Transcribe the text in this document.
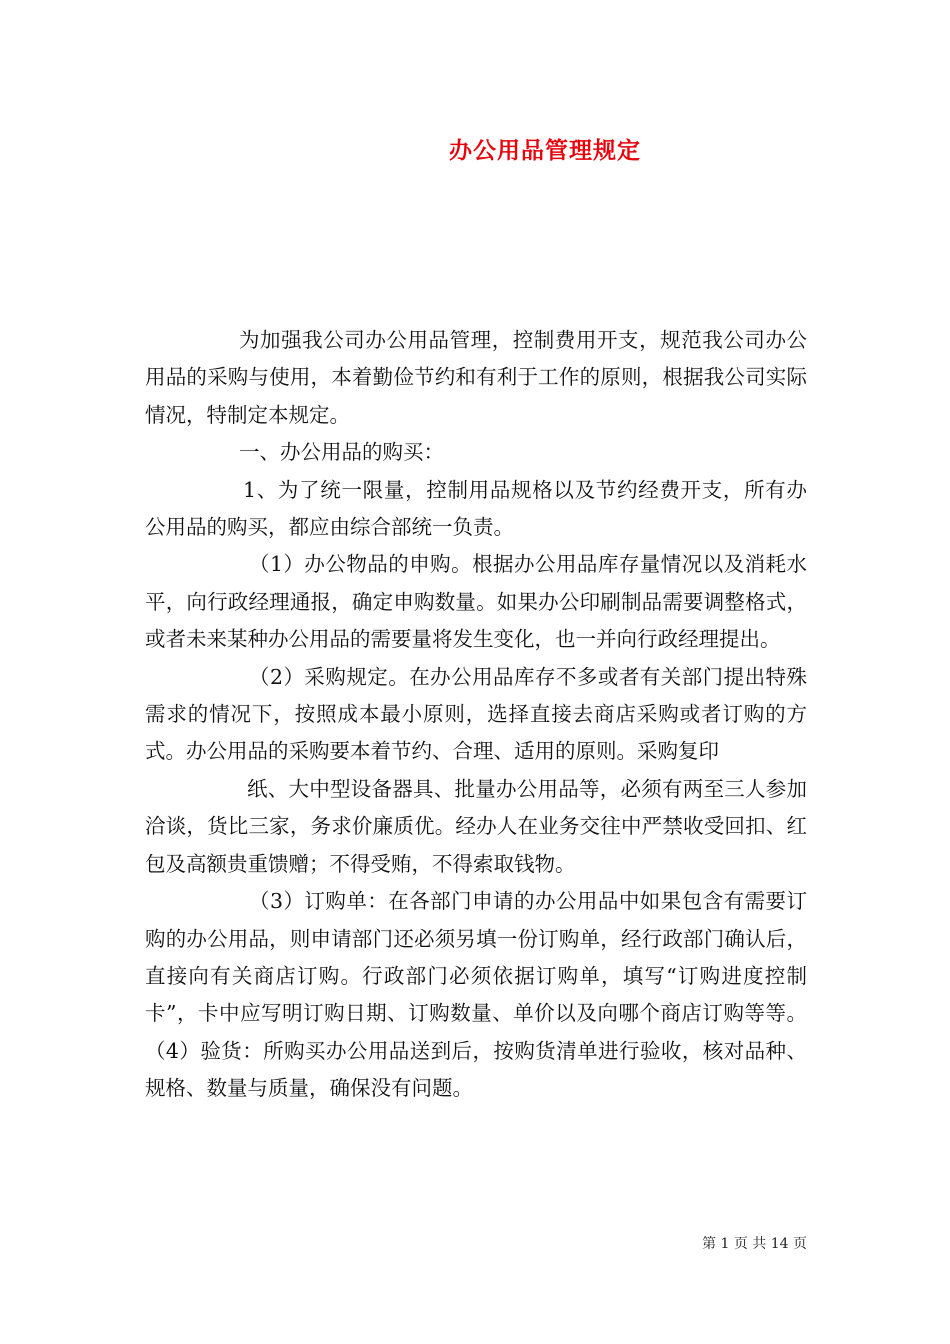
办公用品管理规定

为加强我公司办公用品管理，控制费用开支，规范我公司办公用品的采购与使用，本着勤俭节约和有利于工作的原则，根据我公司实际情况，特制定本规定。

一、办公用品的购买：

1、为了统一限量，控制用品规格以及节约经费开支，所有办公用品的购买，都应由综合部统一负责。

（1）办公物品的申购。根据办公用品库存量情况以及消耗水平，向行政经理通报，确定申购数量。如果办公印刷制品需要调整格式，或者未来某种办公用品的需要量将发生变化，也一并向行政经理提出。

（2）采购规定。在办公用品库存不多或者有关部门提出特殊需求的情况下，按照成本最小原则，选择直接去商店采购或者订购的方式。办公用品的采购要本着节约、合理、适用的原则。采购复印

纸、大中型设备器具、批量办公用品等，必须有两至三人参加洽谈，货比三家，务求价廉质优。经办人在业务交往中严禁收受回扣、红包及高额贵重馈赠；不得受贿，不得索取钱物。

（3）订购单：在各部门申请的办公用品中如果包含有需要订购的办公用品，则申请部门还必须另填一份订购单，经行政部门确认后，直接向有关商店订购。行政部门必须依据订购单，填写“订购进度控制卡”，卡中应写明订购日期、订购数量、单价以及向哪个商店订购等等。（4）验货：所购买办公用品送到后，按购货清单进行验收，核对品种、规格、数量与质量，确保没有问题。

第 1 页 共 14 页
